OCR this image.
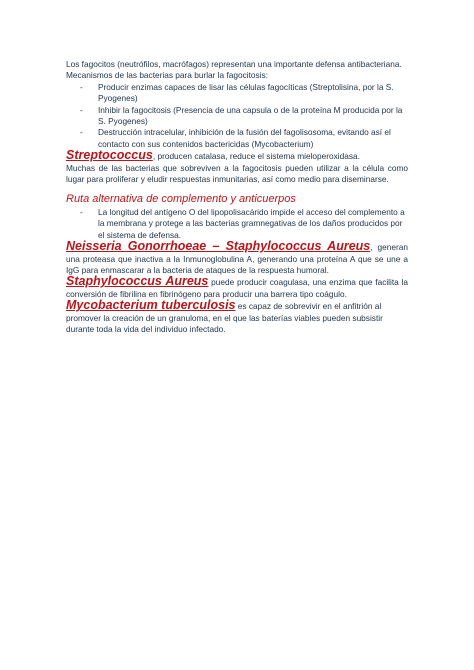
Los fagocitos (neutrófilos, macrófagos) representan una importante defensa antibacteriana.

Mecanismos de las bacterias para burlar la fagocitosis:

- Producir enzimas capaces de lisar las células fagocíticas (Streptolisina, por la S. Pyogenes)
- Inhibir la fagocitosis (Presencia de una capsula o de la proteína M producida por la S. Pyogenes)
- Destrucción intracelular, inhibición de la fusión del fagolisosoma, evitando así el contacto con sus contenidos bactericidas (Mycobacterium)

Streptococcus, producen catalasa, reduce el sistema mieloperoxidasa.

Muchas de las bacterias que sobreviven a la fagocitosis pueden utilizar a la célula como lugar para proliferar y eludir respuestas inmunitarias, así como medio para diseminarse.

Ruta alternativa de complemento y anticuerpos

- La longitud del antígeno O del lipopolisacárido impide el acceso del complemento a la membrana y protege a las bacterias gramnegativas de los daños producidos por el sistema de defensa.

Neisseria Gonorrhoeae – Staphylococcus Aureus, generan una proteasa que inactiva a la Inmunoglobulina A, generando una proteína A que se une a IgG para enmascarar a la bacteria de ataques de la respuesta humoral.

Staphylococcus Aureus puede producir coagulasa, una enzima que facilita la conversión de fibrilina en fibrinógeno para producir una barrera tipo coágulo.

Mycobacterium tuberculosis es capaz de sobrevivir en el anfitrión al promover la creación de un granuloma, en el que las baterías viables pueden subsistir durante toda la vida del individuo infectado.
